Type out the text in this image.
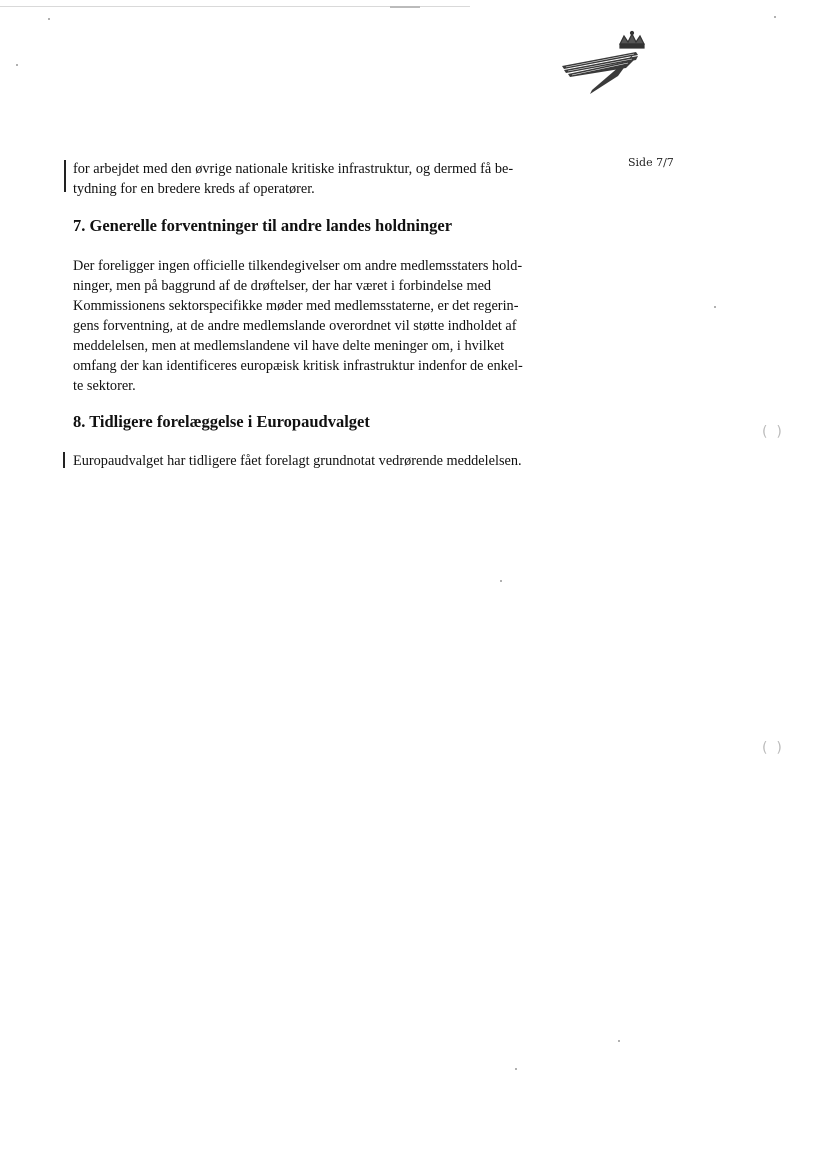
Side 7/7
for arbejdet med den øvrige nationale kritiske infrastruktur, og dermed få be-
tydning for en bredere kreds af operatører.
7. Generelle forventninger til andre landes holdninger
Der foreligger ingen officielle tilkendegivelser om andre medlemsstaters hold-
ninger, men på baggrund af de drøftelser, der har været i forbindelse med
Kommissionens sektorspecifikke møder med medlemsstaterne, er det regerin-
gens forventning, at de andre medlemslande overordnet vil støtte indholdet af
meddelelsen, men at medlemslandene vil have delte meninger om, i hvilket
omfang der kan identificeres europæisk kritisk infrastruktur indenfor de enkel-
te sektorer.
8. Tidligere forelæggelse i Europaudvalget
Europaudvalget har tidligere fået forelagt grundnotat vedrørende meddelelsen.
(  )
(  )
